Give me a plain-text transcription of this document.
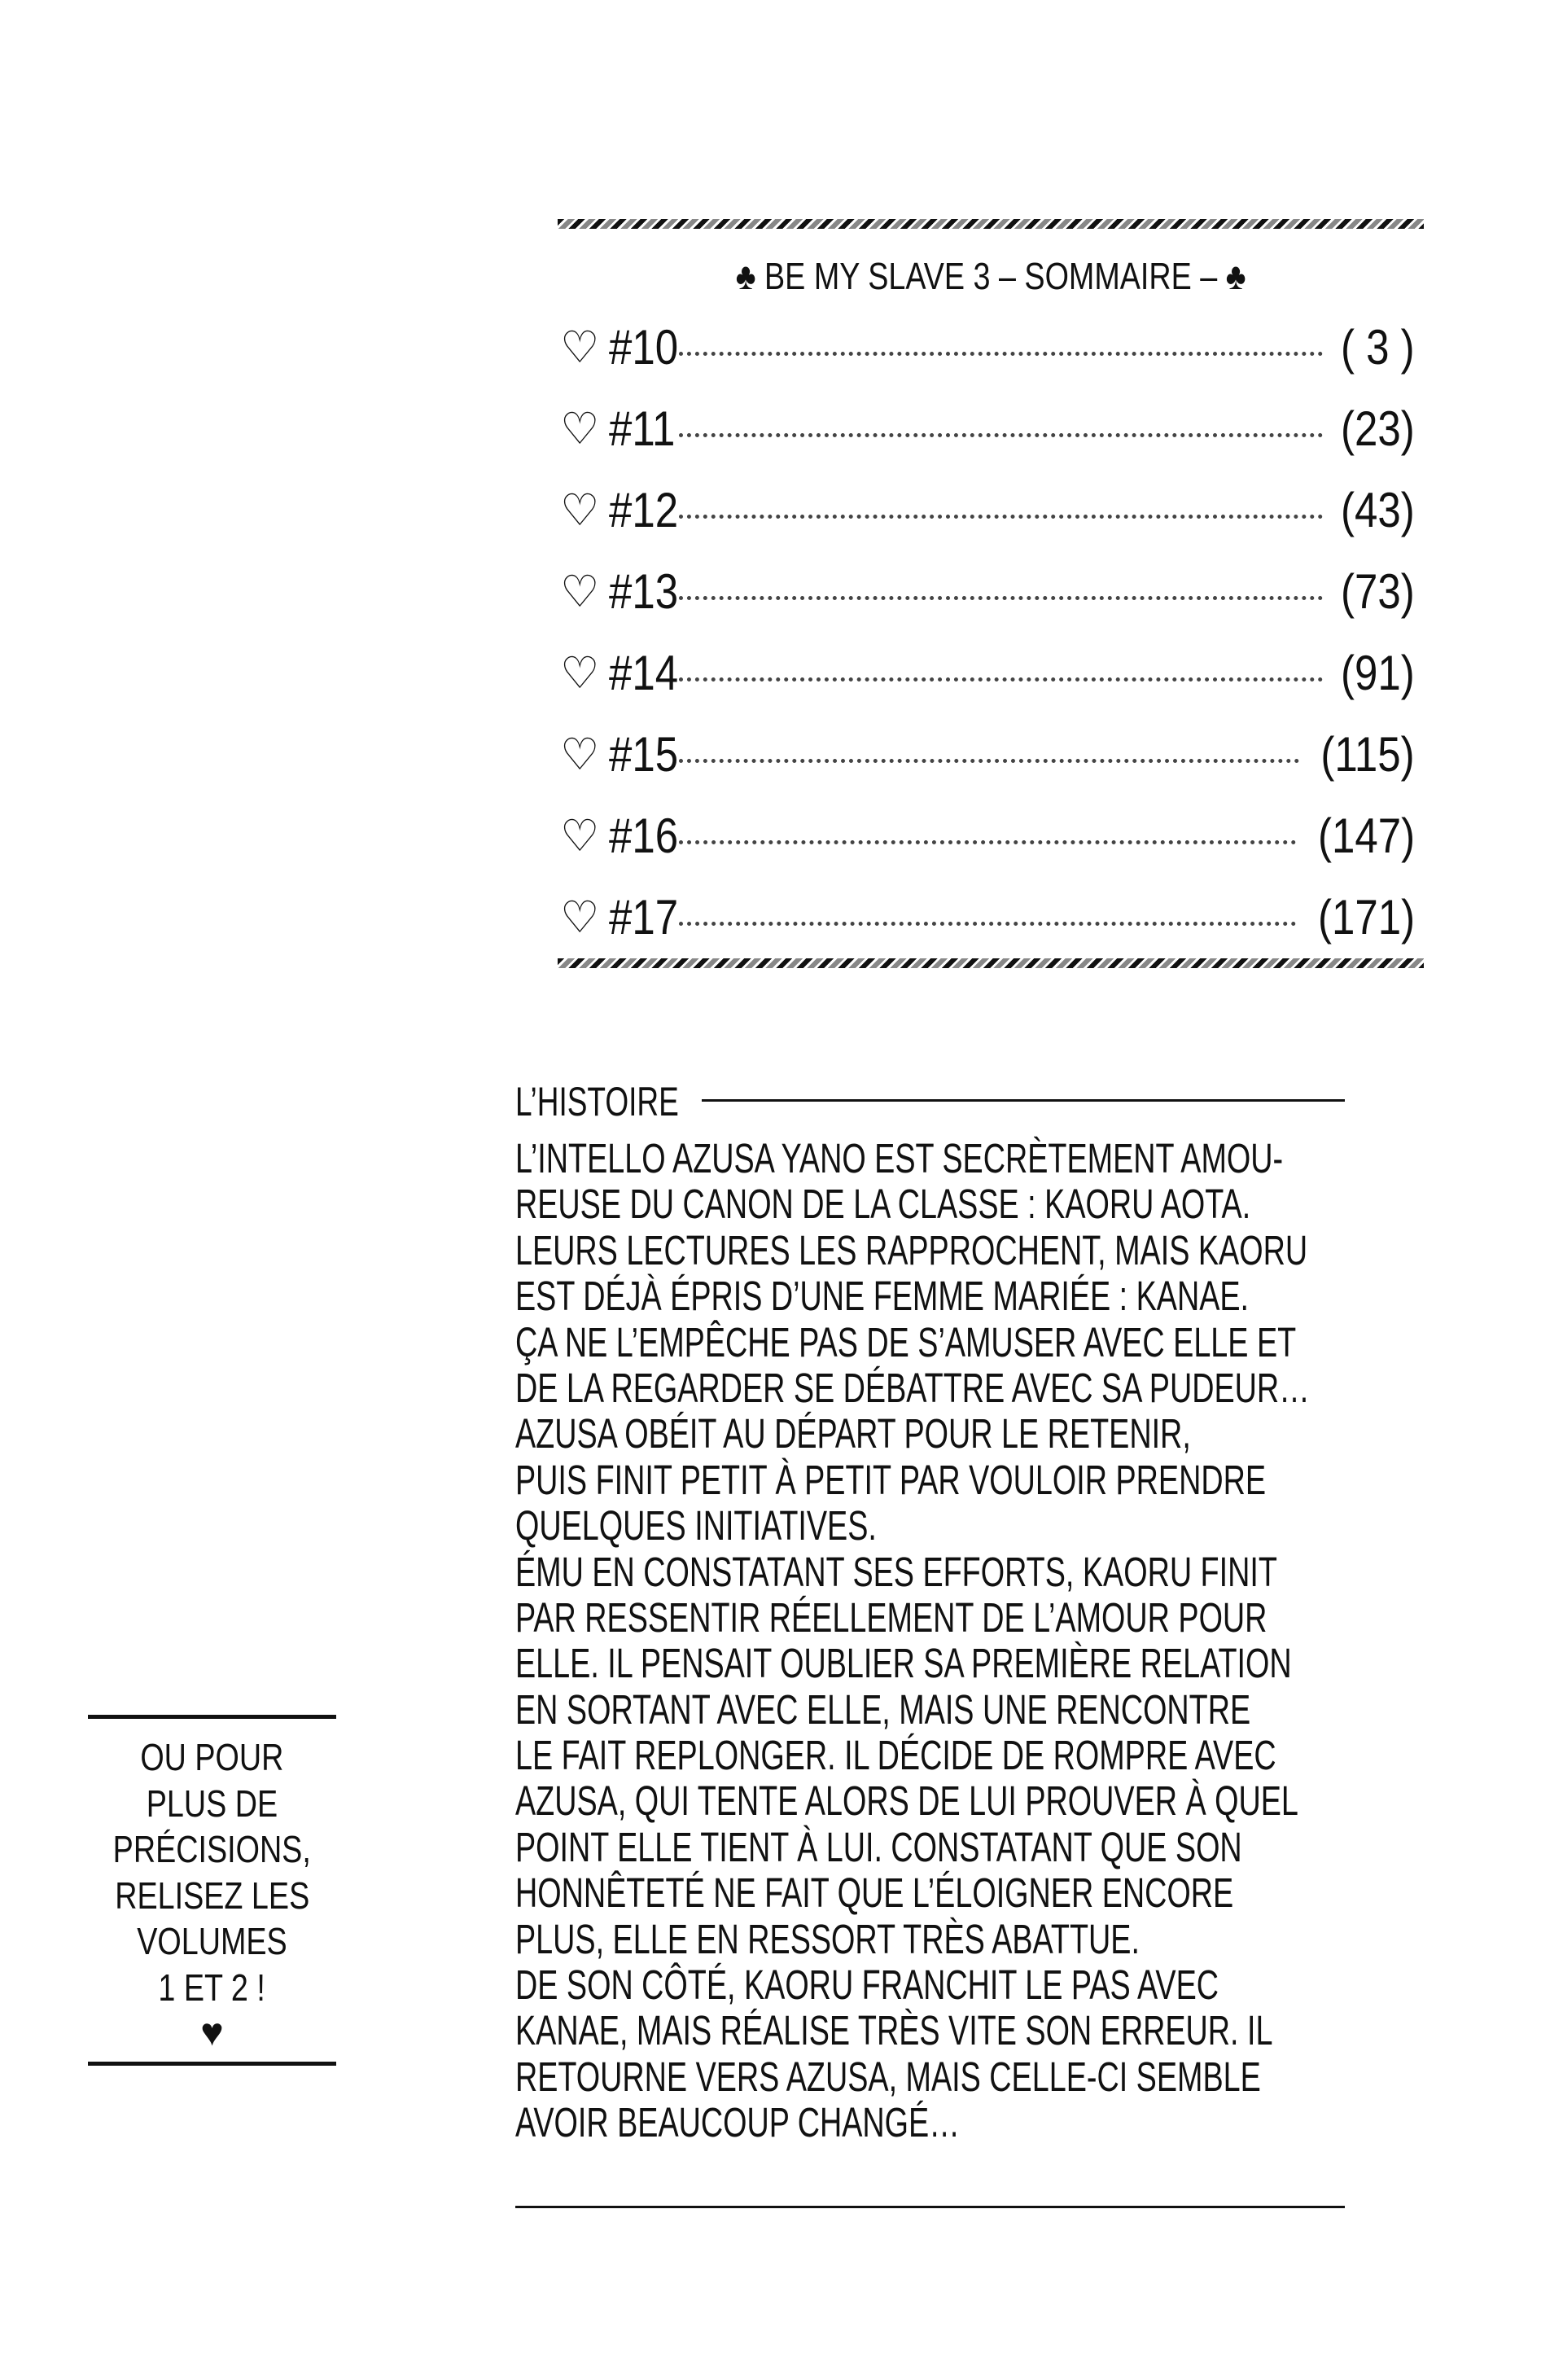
♣ BE MY SLAVE 3 – SOMMAIRE – ♣
♡ #10	( 3 )
♡ #11	(23)
♡ #12	(43)
♡ #13	(73)
♡ #14	(91)
♡ #15	(115)
♡ #16	(147)
♡ #17	(171)
L’HISTOIRE
L’INTELLO AZUSA YANO EST SECRÈTEMENT AMOU-
REUSE DU CANON DE LA CLASSE : KAORU AOTA.
LEURS LECTURES LES RAPPROCHENT, MAIS KAORU
EST DÉJÀ ÉPRIS D’UNE FEMME MARIÉE : KANAE.
ÇA NE L’EMPÊCHE PAS DE S’AMUSER AVEC ELLE ET
DE LA REGARDER SE DÉBATTRE AVEC SA PUDEUR…
AZUSA OBÉIT AU DÉPART POUR LE RETENIR,
PUIS FINIT PETIT À PETIT PAR VOULOIR PRENDRE
QUELQUES INITIATIVES.
ÉMU EN CONSTATANT SES EFFORTS, KAORU FINIT
PAR RESSENTIR RÉELLEMENT DE L’AMOUR POUR
ELLE. IL PENSAIT OUBLIER SA PREMIÈRE RELATION
EN SORTANT AVEC ELLE, MAIS UNE RENCONTRE
LE FAIT REPLONGER. IL DÉCIDE DE ROMPRE AVEC
AZUSA, QUI TENTE ALORS DE LUI PROUVER À QUEL
POINT ELLE TIENT À LUI. CONSTATANT QUE SON
HONNÊTETÉ NE FAIT QUE L’ÉLOIGNER ENCORE
PLUS, ELLE EN RESSORT TRÈS ABATTUE.
DE SON CÔTÉ, KAORU FRANCHIT LE PAS AVEC
KANAE, MAIS RÉALISE TRÈS VITE SON ERREUR. IL
RETOURNE VERS AZUSA, MAIS CELLE-CI SEMBLE
AVOIR BEAUCOUP CHANGÉ…
OU POUR
PLUS DE
PRÉCISIONS,
RELISEZ LES
VOLUMES
1 ET 2 !
♥
